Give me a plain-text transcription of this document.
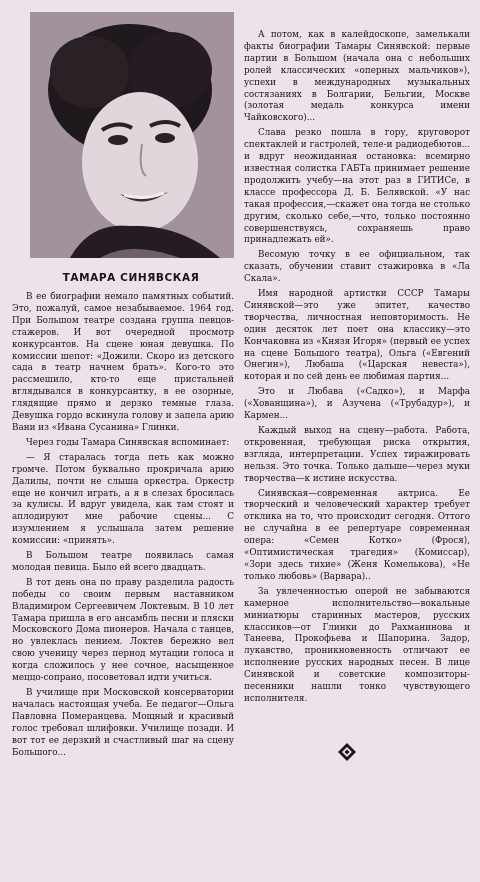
ТАМАРА СИНЯВСКАЯ

В ее биографии немало памятных событий. Это, пожалуй, самое незабываемое. 1964 год. При Большом театре создана группа певцов-стажеров. И вот очередной просмотр конкурсантов. На сцене юная девушка. По комиссии шепот: «Дожили. Скоро из детского сада в театр начнем брать». Кого-то это рассмешило, кто-то еще пристальней вглядывался в конкурсантку, в ее озорные, глядящие прямо и дерзко темные глаза. Девушка гордо вскинула голову и запела арию Вани из «Ивана Сусанина» Глинки.

Через годы Тамара Синявская вспоминает:

— Я старалась тогда петь как можно громче. Потом буквально прокричала арию Далилы, почти не слыша оркестра. Оркестр еще не кончил играть, а я в слезах бросилась за кулисы. И вдруг увидела, как там стоят и аплодируют мне рабочие сцены... С изумлением я услышала затем решение комиссии: «принять».

В Большом театре появилась самая молодая певица. Было ей всего двадцать.

В тот день она по праву разделила радость победы со своим первым наставником Владимиром Сергеевичем Локтевым. В 10 лет Тамара пришла в его ансамбль песни и пляски Московского Дома пионеров. Начала с танцев, но увлеклась пением. Локтев бережно вел свою ученицу через период мутации голоса и когда сложилось у нее сочное, насыщенное меццо-сопрано, посоветовал идти учиться.

В училище при Московской консерватории началась настоящая учеба. Ее педагог—Ольга Павловна Померанцева. Мощный и красивый голос требовал шлифовки. Училище позади. И вот тот ее дерзкий и счастливый шаг на сцену Большого...

А потом, как в калейдоскопе, замелькали факты биографии Тамары Синявской: первые партии в Большом (начала она с небольших ролей классических «оперных мальчиков»), успехи в международных музыкальных состязаниях в Болгарии, Бельгии, Москве (золотая медаль конкурса имени Чайковского)...

Слава резко пошла в гору, круговорот спектаклей и гастролей, теле-и радиодебютов... и вдруг неожиданная остановка: всемирно известная солистка ГАБТа принимает решение продолжить учебу—на этот раз в ГИТИСе, в классе профессора Д. Б. Белявской. «У нас такая профессия,—скажет она тогда не столько другим, сколько себе,—что, только постоянно совершенствуясь, сохраняешь право принадлежать ей».

Весомую точку в ее официальном, так сказать, обучении ставит стажировка в «Ла Скала».

Имя народной артистки СССР Тамары Синявской—это уже эпитет, качество творчества, личностная неповторимость. Не один десяток лет поет она классику—это Кончаковна из «Князя Игоря» (первый ее успех на сцене Большого театра), Ольга («Евгений Онегин»), Любаша («Царская невеста»), которая и по сей день ее любимая партия...

Это и Любава («Садко»), и Марфа («Хованщина»), и Азучена («Трубадур»), и Кармен...

Каждый выход на сцену—работа. Работа, откровенная, требующая риска открытия, взгляда, интерпретации. Успех тиражировать нельзя. Это точка. Только дальше—через муки творчества—к истине искусства.

Синявская—современная актриса. Ее творческий и человеческий характер требует отклика на то, что происходит сегодня. Оттого не случайна в ее репертуаре современная опера: «Семен Котко» (Фрося), «Оптимистическая трагедия» (Комиссар), «Зори здесь тихие» (Женя Комелькова), «Не только любовь» (Варвара)..

За увлеченностью оперой не забываются камерное исполнительство—вокальные миниатюры старинных мастеров, русских классиков—от Глинки до Рахманинова и Танеева, Прокофьева и Шапорина. Задор, лукавство, проникновенность отличают ее исполнение русских народных песен. В лице Синявской и советские композиторы-песенники нашли тонко чувствующего исполнителя.
